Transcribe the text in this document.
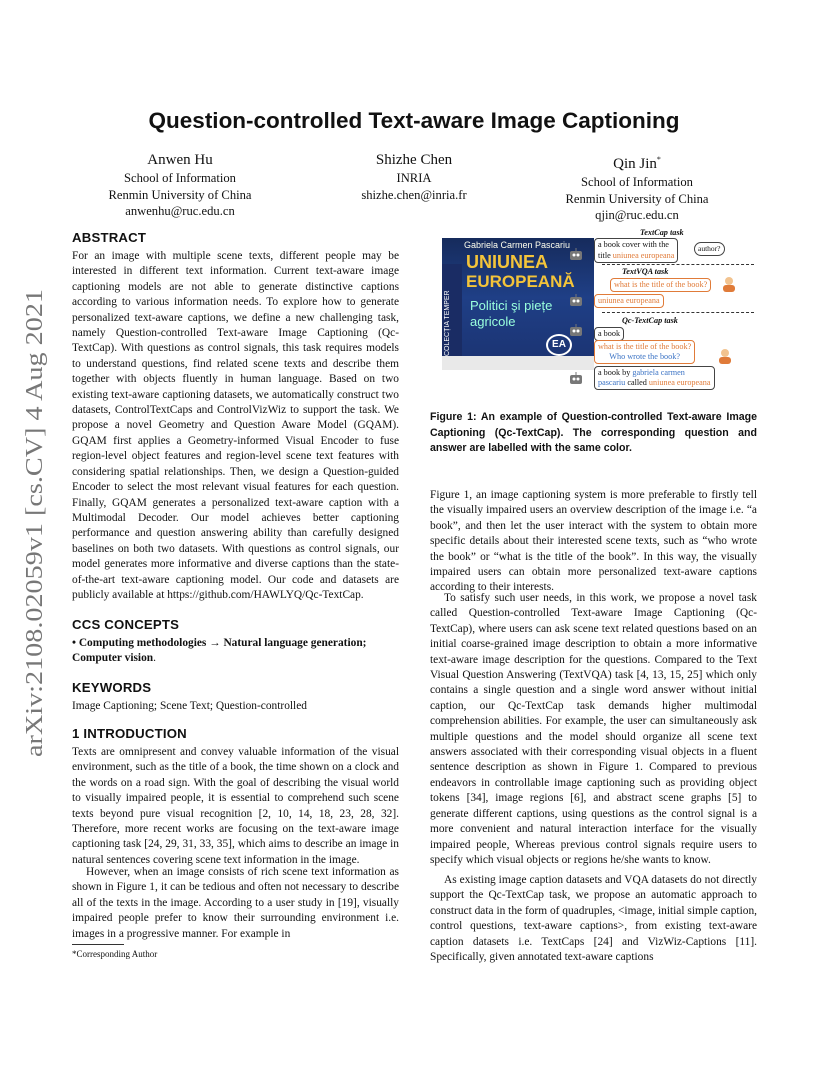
arXiv:2108.02059v1 [cs.CV] 4 Aug 2021
Question-controlled Text-aware Image Captioning
Anwen Hu
School of Information
Renmin University of China
anwenhu@ruc.edu.cn
Shizhe Chen
INRIA
shizhe.chen@inria.fr
Qin Jin*
School of Information
Renmin University of China
qjin@ruc.edu.cn
ABSTRACT

For an image with multiple scene texts, different people may be interested in different text information. Current text-aware image captioning models are not able to generate distinctive captions according to various information needs. To explore how to generate personalized text-aware captions, we define a new challenging task, namely Question-controlled Text-aware Image Captioning (Qc-TextCap). With questions as control signals, this task requires models to understand questions, find related scene texts and describe them together with objects fluently in human language. Based on two existing text-aware captioning datasets, we automatically construct two datasets, ControlTextCaps and ControlVizWiz to support the task. We propose a novel Geometry and Question Aware Model (GQAM). GQAM first applies a Geometry-informed Visual Encoder to fuse region-level object features and region-level scene text features with considering spatial relationships. Then, we design a Question-guided Encoder to select the most relevant visual features for each question. Finally, GQAM generates a personalized text-aware caption with a Multimodal Decoder. Our model achieves better captioning performance and question answering ability than carefully designed baselines on both two datasets. With questions as control signals, our model generates more informative and diverse captions than the state-of-the-art text-aware captioning model. Our code and datasets are publicly available at https://github.com/HAWLYQ/Qc-TextCap.

CCS CONCEPTS

• Computing methodologies → Natural language generation; Computer vision.

KEYWORDS

Image Captioning; Scene Text; Question-controlled

1 INTRODUCTION

Texts are omnipresent and convey valuable information of the visual environment, such as the title of a book, the time shown on a clock and the words on a road sign. With the goal of describing the visual world to visually impaired people, it is essential to comprehend such scene texts beyond pure visual recognition [2, 10, 14, 18, 23, 28, 32]. Therefore, more recent works are focusing on the text-aware image captioning task [24, 29, 31, 33, 35], which aims to describe an image in natural sentences covering scene text information in the image.

However, when an image consists of rich scene text information as shown in Figure 1, it can be tedious and often not necessary to describe all of the texts in the image. According to a user study in [19], visually impaired people prefer to know their surrounding environment i.e. images in a progressive manner. For example in

*Corresponding Author
Gabriela Carmen Pascariu
UNIUNEA
EUROPEANĂ
Politici şi piețe
agricole
COLECȚIA TEMPER	EA
TextCap task
a book cover with the
title uniunea europeana
author?
TextVQA task
what is the title of the book?
uniunea europeana
Qc-TextCap task
a book
what is the title of the book?
Who wrote the book?
a book by gabriela carmen
pascariu called uniunea europeana
Figure 1: An example of Question-controlled Text-aware Image Captioning (Qc-TextCap). The corresponding question and answer are labelled with the same color.

Figure 1, an image captioning system is more preferable to firstly tell the visually impaired users an overview description of the image i.e. “a book”, and then let the user interact with the system to obtain more specific details about their interested scene texts, such as “who wrote the book” or “what is the title of the book”. In this way, the visually impaired users can obtain more personalized text-aware captions according to their interests.

To satisfy such user needs, in this work, we propose a novel task called Question-controlled Text-aware Image Captioning (Qc-TextCap), where users can ask scene text related questions based on an initial coarse-grained image description to obtain a more informative text-aware image description for the questions. Compared to the Text Visual Question Answering (TextVQA) task [4, 13, 15, 25] which only contains a single question and a single word answer without initial caption, our Qc-TextCap task demands higher multimodal comprehension abilities. For example, the user can simultaneously ask multiple questions and the model should organize all scene text answers associated with their corresponding visual objects in a fluent sentence description as shown in Figure 1. Compared to previous endeavors in controllable image captioning such as providing object tokens [34], image regions [6], and abstract scene graphs [5] to generate different captions, using questions as the control signal is a more convenient and natural interaction interface for the visually impaired people, Whereas previous control signals require users to specify which visual objects or regions he/she wants to know.

As existing image caption datasets and VQA datasets do not directly support the Qc-TextCap task, we propose an automatic approach to construct data in the form of quadruples, <image, initial simple caption, control questions, text-aware captions>, from existing text-aware caption datasets i.e. TextCaps [24] and VizWiz-Captions [11]. Specifically, given annotated text-aware captions
